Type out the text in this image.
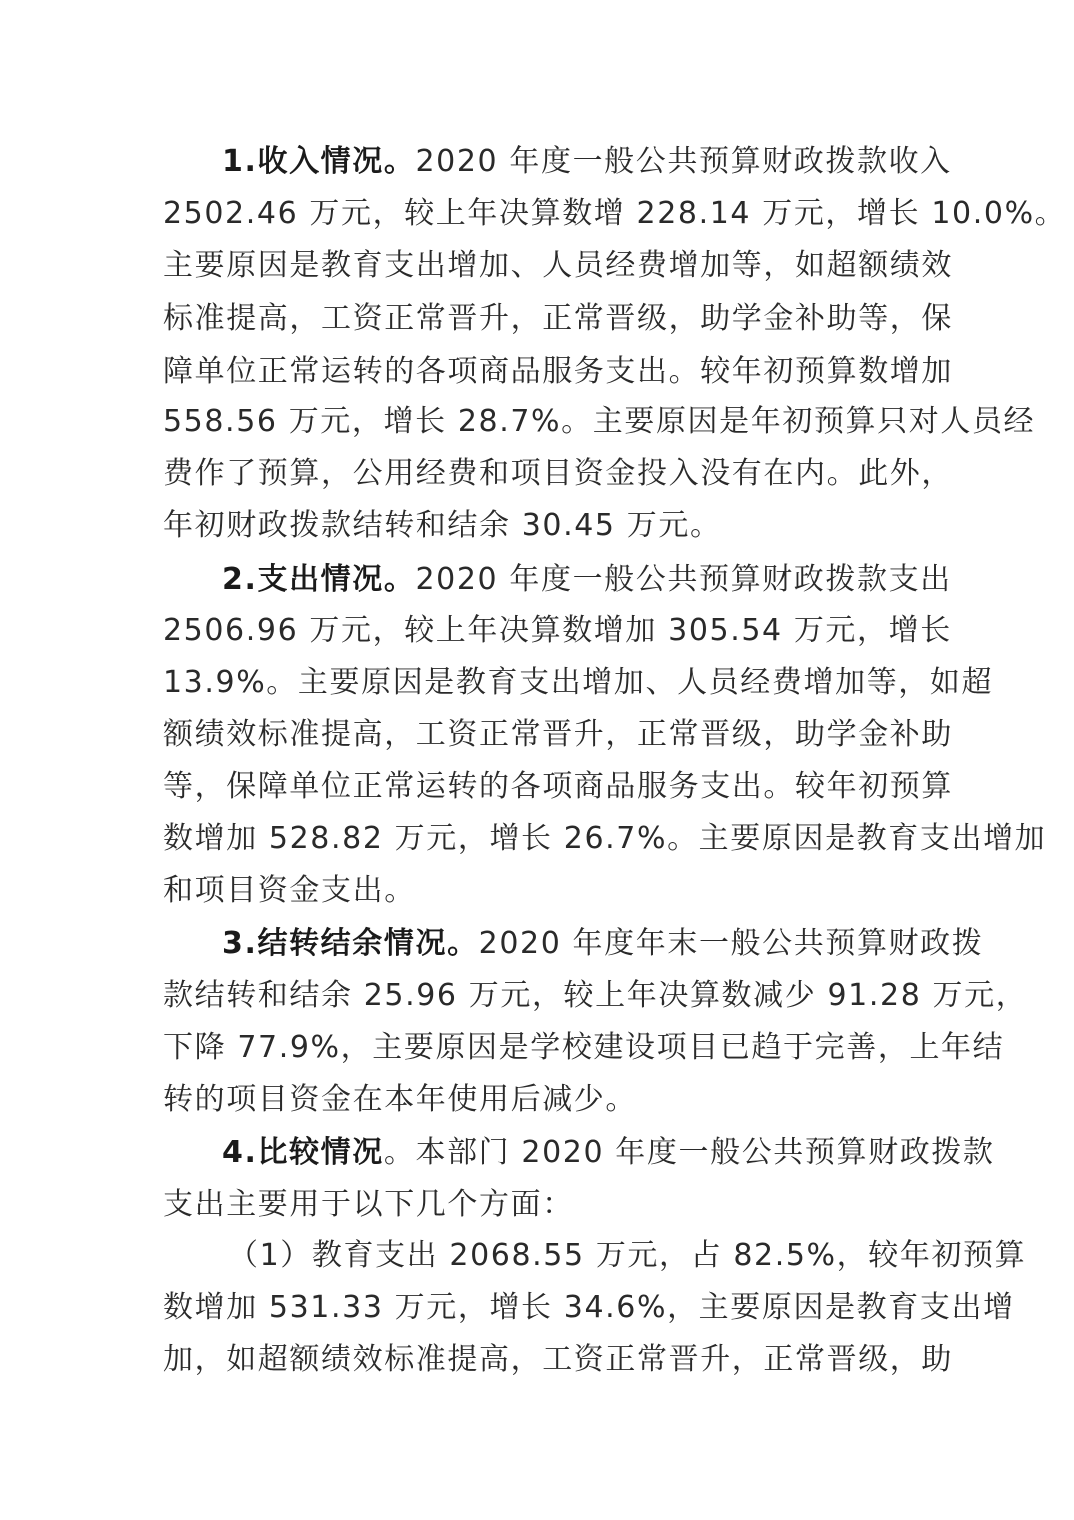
1.收入情况。2020 年度一般公共预算财政拨款收入

2502.46 万元，较上年决算数增 228.14 万元，增长 10.0%。

主要原因是教育支出增加、人员经费增加等，如超额绩效

标准提高，工资正常晋升，正常晋级，助学金补助等，保

障单位正常运转的各项商品服务支出。较年初预算数增加

558.56 万元，增长 28.7%。主要原因是年初预算只对人员经

费作了预算，公用经费和项目资金投入没有在内。此外，

年初财政拨款结转和结余 30.45 万元。

2.支出情况。2020 年度一般公共预算财政拨款支出

2506.96 万元，较上年决算数增加 305.54 万元，增长

13.9%。主要原因是教育支出增加、人员经费增加等，如超

额绩效标准提高，工资正常晋升，正常晋级，助学金补助

等，保障单位正常运转的各项商品服务支出。较年初预算

数增加 528.82 万元，增长 26.7%。主要原因是教育支出增加

和项目资金支出。

3.结转结余情况。2020 年度年末一般公共预算财政拨

款结转和结余 25.96 万元，较上年决算数减少 91.28 万元，

下降 77.9%，主要原因是学校建设项目已趋于完善，上年结

转的项目资金在本年使用后减少。

4.比较情况。本部门 2020 年度一般公共预算财政拨款

支出主要用于以下几个方面：

（1）教育支出 2068.55 万元，占 82.5%，较年初预算

数增加 531.33 万元，增长 34.6%，主要原因是教育支出增

加，如超额绩效标准提高，工资正常晋升，正常晋级，助
